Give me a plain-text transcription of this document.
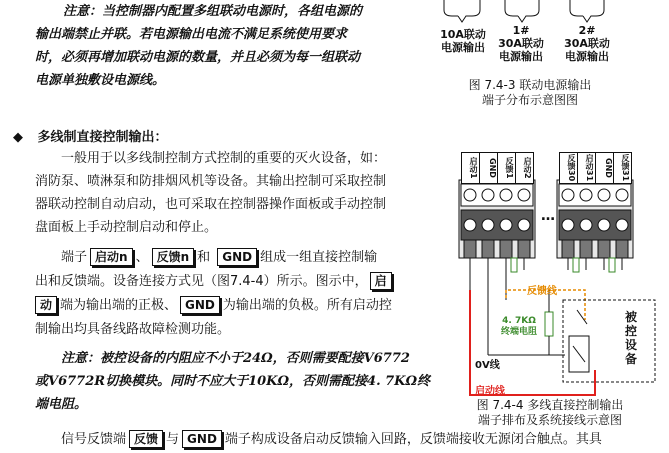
注意：当控制器内配置多组联动电源时，各组电源的
输出端禁止并联。若电源输出电流不满足系统使用要求
时，必须再增加联动电源的数量，并且必须为每一组联动
电源单独敷设电源线。
10A联动
电源输出
1#
30A联动
电源输出
2#
30A联动
电源输出
图 7.4-3 联动电源输出
端子分布示意图图
◆ 多线制直接控制输出：
一般用于以多线制控制方式控制的重要的灭火设备，如：
消防泵、喷淋泵和防排烟风机等设备。其输出控制可采取控制
器联动控制自动启动，也可采取在控制器操作面板或手动控制
盘面板上手动控制启动和停止。
端子 启动n 、 反馈n 和 GND 组成一组直接控制输
出和反馈端。设备连接方式见（图7.4-4）所示。图示中， 启
动 端为输出端的正极、 GND 为输出端的负极。所有启动控
制输出均具备线路故障检测功能。
注意：被控设备的内阻应不小于24Ω，否则需要配接V6772
或V6772R切换模块。同时不应大于10KΩ，否则需配接4. 7KΩ终
端电阻。
信号反馈端 反馈 与 GND 端子构成设备启动反馈输入回路，反馈端接收无源闭合触点。其具
启动1	GND	反馈1	启动2	反馈30	启动31	GND	反馈31
…
反馈线
4. 7KΩ
终端电阻
0V线
启动线
被控设备
图 7.4-4 多线直接控制输出
端子排布及系统接线示意图
